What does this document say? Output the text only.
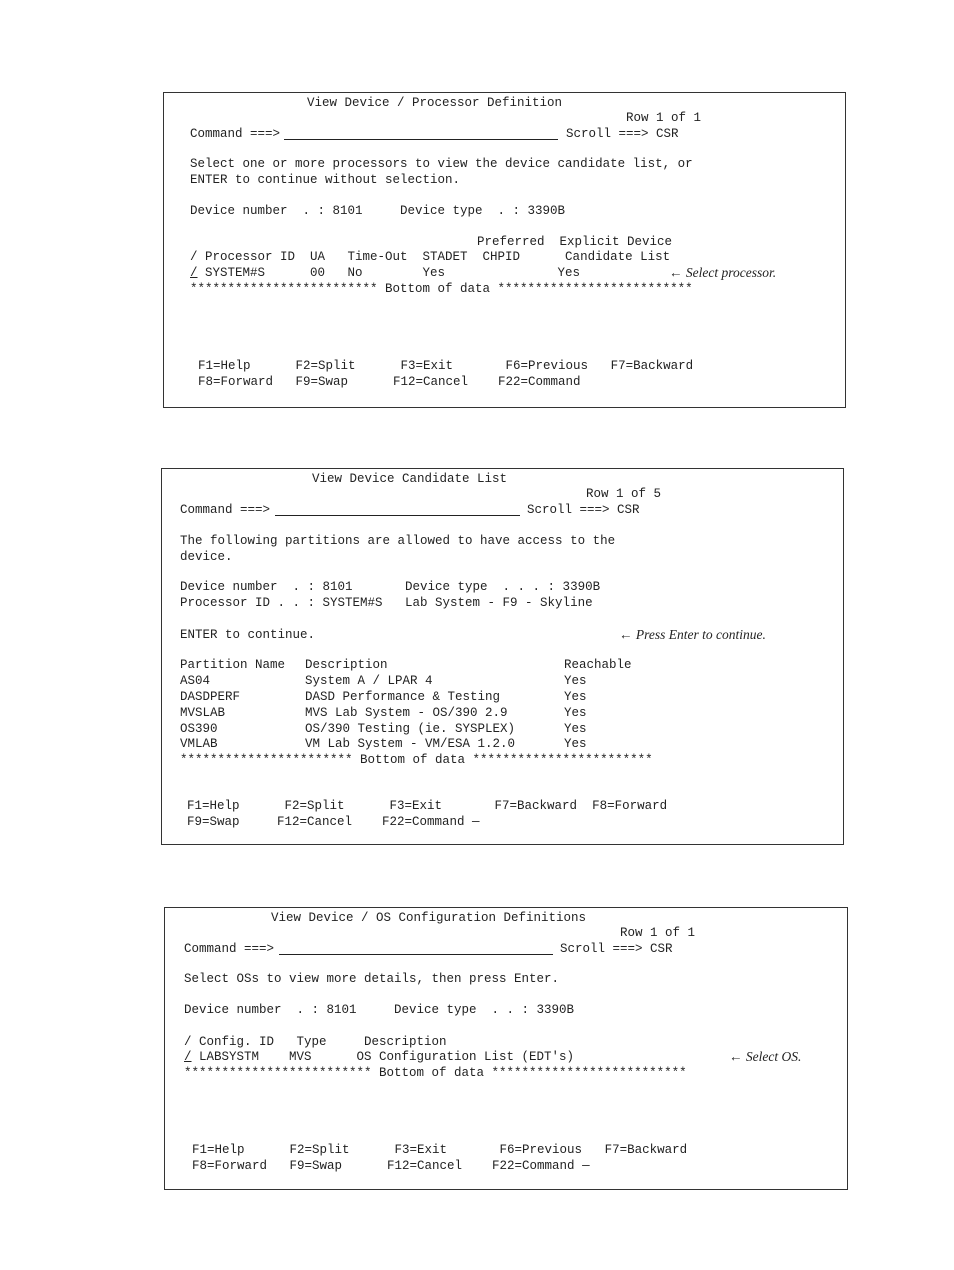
View Device / Processor Definition
Row 1 of 1
Command ===>	Scroll ===> CSR
Select one or more processors to view the device candidate list, or
ENTER to continue without selection.
Device number  . : 8101     Device type  . : 3390B
Preferred  Explicit Device
/ Processor ID  UA   Time-Out  STADET  CHPID      Candidate List
/ SYSTEM#S      00   No        Yes               Yes	← Select processor.
************************* Bottom of data **************************
F1=Help      F2=Split      F3=Exit       F6=Previous   F7=Backward
F8=Forward   F9=Swap      F12=Cancel    F22=Command
View Device Candidate List
Row 1 of 5
Command ===>	Scroll ===> CSR
The following partitions are allowed to have access to the
device.
Device number  . : 8101       Device type  . . . : 3390B
Processor ID . . : SYSTEM#S   Lab System - F9 - Skyline
ENTER to continue.	← Press Enter to continue.
Partition Name Description	Reachable
AS04	System A / LPAR 4	Yes
DASDPERF	DASD Performance & Testing	Yes
MVSLAB	MVS Lab System - OS/390 2.9	Yes
OS390	OS/390 Testing (ie. SYSPLEX)	Yes
VMLAB	VM Lab System - VM/ESA 1.2.0	Yes
*********************** Bottom of data ************************
F1=Help      F2=Split      F3=Exit       F7=Backward  F8=Forward
F9=Swap     F12=Cancel    F22=Command —
View Device / OS Configuration Definitions
Row 1 of 1
Command ===>	Scroll ===> CSR
Select OSs to view more details, then press Enter.
Device number  . : 8101     Device type  . . : 3390B
/ Config. ID   Type     Description
/ LABSYSTM    MVS      OS Configuration List (EDT's)	← Select OS.
************************* Bottom of data **************************
F1=Help      F2=Split      F3=Exit       F6=Previous   F7=Backward
F8=Forward   F9=Swap      F12=Cancel    F22=Command —
